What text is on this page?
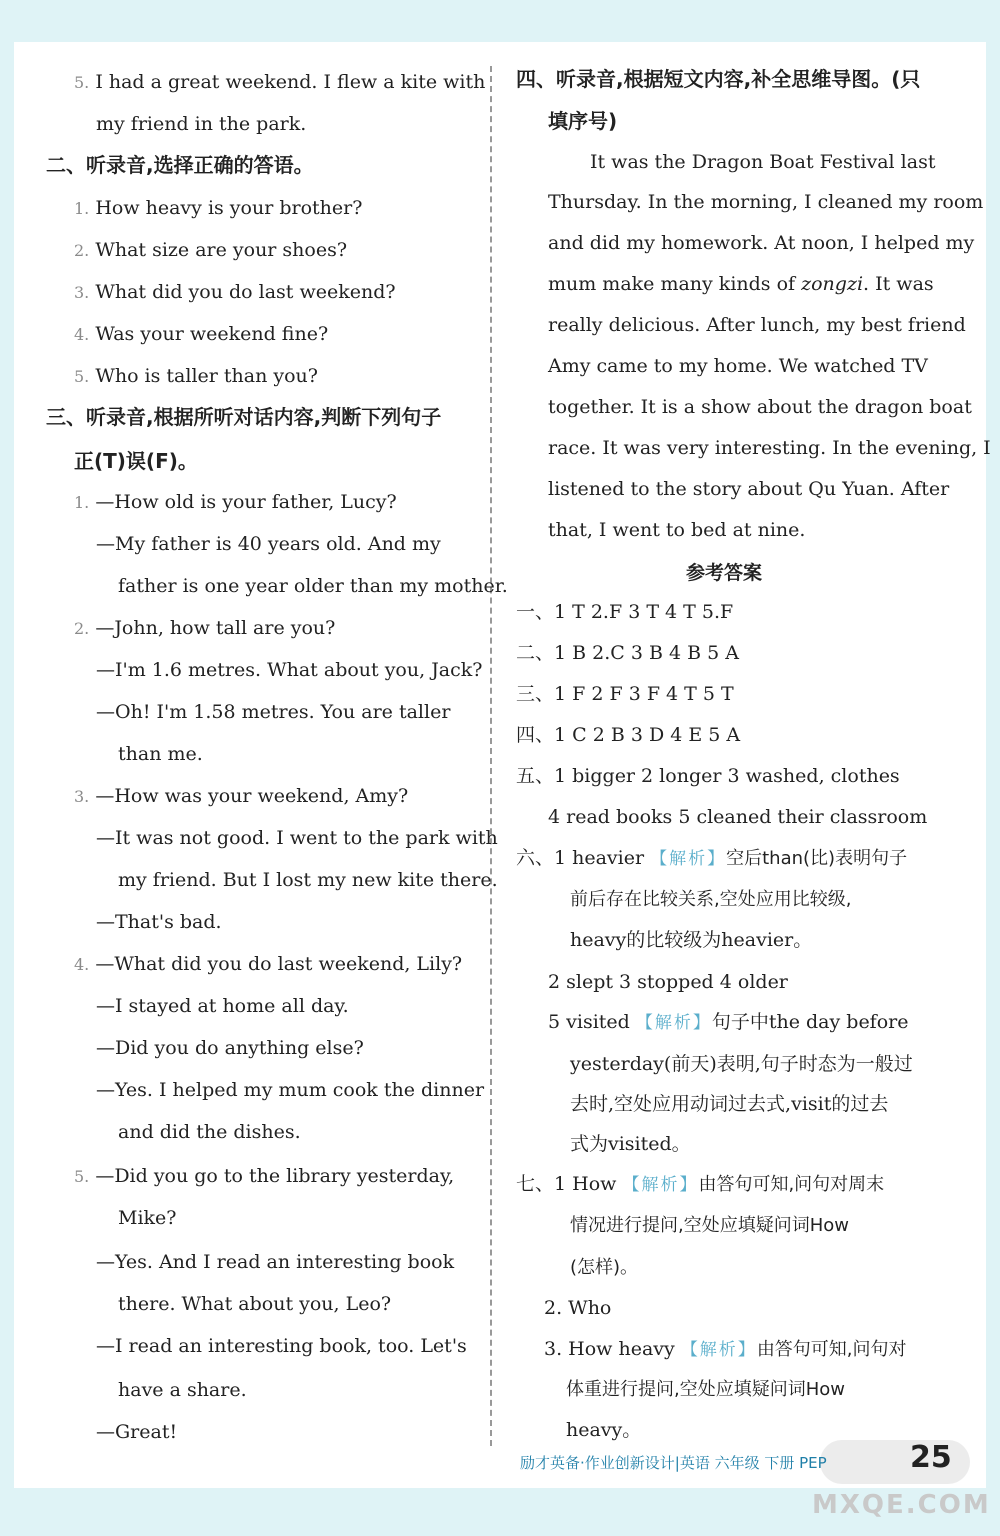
5. I had a great weekend. I flew a kite with
my friend in the park.
二、听录音,选择正确的答语。
1. How heavy is your brother?
2. What size are your shoes?
3. What did you do last weekend?
4. Was your weekend fine?
5. Who is taller than you?
三、听录音,根据所听对话内容,判断下列句子
正(T)误(F)。
1. —How old is your father, Lucy?
—My father is 40 years old. And my
father is one year older than my mother.
2. —John, how tall are you?
—I'm 1.6 metres. What about you, Jack?
—Oh! I'm 1.58 metres. You are taller
than me.
3. —How was your weekend, Amy?
—It was not good. I went to the park with
my friend. But I lost my new kite there.
—That's bad.
4. —What did you do last weekend, Lily?
—I stayed at home all day.
—Did you do anything else?
—Yes. I helped my mum cook the dinner
and did the dishes.
5. —Did you go to the library yesterday,
Mike?
—Yes. And I read an interesting book
there. What about you, Leo?
—I read an interesting book, too. Let's
have a share.
—Great!
四、听录音,根据短文内容,补全思维导图。(只
填序号)
It was the Dragon Boat Festival last
Thursday. In the morning, I cleaned my room
and did my homework. At noon, I helped my
mum make many kinds of zongzi. It was
really delicious. After lunch, my best friend
Amy came to my home. We watched TV
together. It is a show about the dragon boat
race. It was very interesting. In the evening, I
listened to the story about Qu Yuan. After
that, I went to bed at nine.
参考答案
一、1 T 2.F 3 T 4 T 5.F
二、1 B 2.C 3 B 4 B 5 A
三、1 F 2 F 3 F 4 T 5 T
四、1 C 2 B 3 D 4 E 5 A
五、1 bigger 2 longer 3 washed, clothes
4 read books 5 cleaned their classroom
六、1 heavier 【解析】空后than(比)表明句子
前后存在比较关系,空处应用比较级,
heavy的比较级为heavier。
2 slept 3 stopped 4 older
5 visited 【解析】句子中the day before
yesterday(前天)表明,句子时态为一般过
去时,空处应用动词过去式,visit的过去
式为visited。
七、1 How 【解析】由答句可知,问句对周末
情况进行提问,空处应填疑问词How
(怎样)。
2. Who
3. How heavy 【解析】由答句可知,问句对
体重进行提问,空处应填疑问词How
heavy。
励才英备·作业创新设计|英语 六年级 下册 PEP	25
MXQE.COM
